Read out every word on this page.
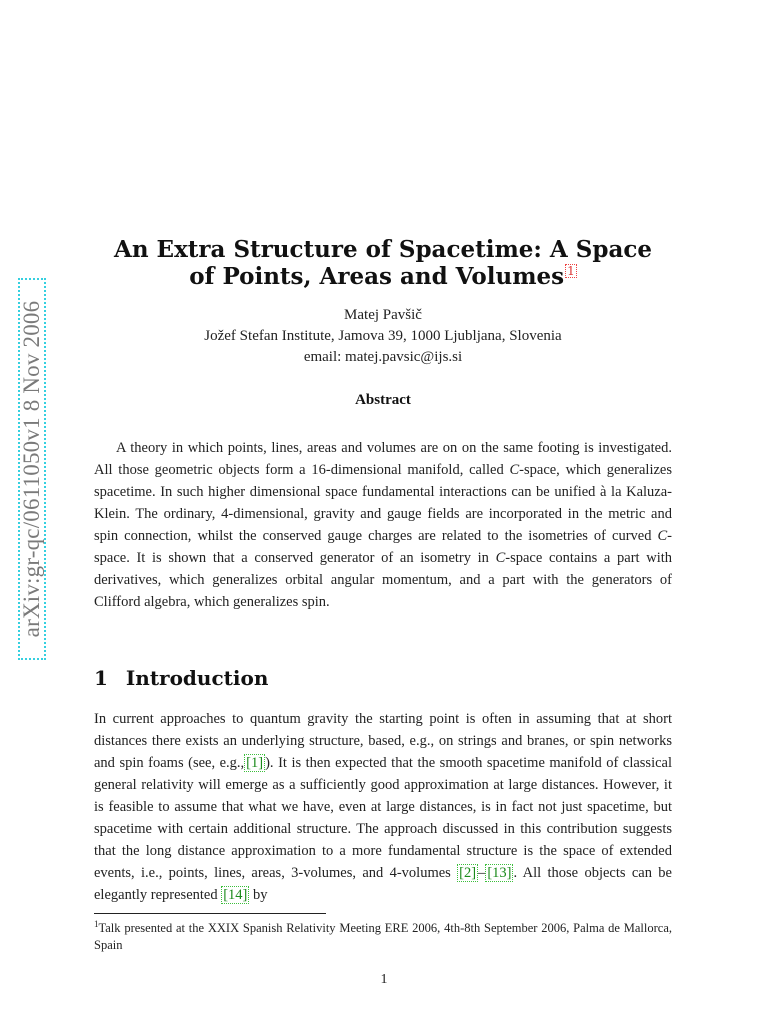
arXiv:gr-qc/0611050v1 8 Nov 2006
An Extra Structure of Spacetime: A Space
of Points, Areas and Volumes 1
Matej Pavšič
Jožef Stefan Institute, Jamova 39, 1000 Ljubljana, Slovenia
email: matej.pavsic@ijs.si
Abstract
A theory in which points, lines, areas and volumes are on on the same footing is investigated. All those geometric objects form a 16-dimensional manifold, called C-space, which generalizes spacetime. In such higher dimensional space fundamental interactions can be unified à la Kaluza-Klein. The ordinary, 4-dimensional, gravity and gauge fields are incorporated in the metric and spin connection, whilst the conserved gauge charges are related to the isometries of curved C-space. It is shown that a conserved generator of an isometry in C-space contains a part with derivatives, which generalizes orbital angular momentum, and a part with the generators of Clifford algebra, which generalizes spin.
1 Introduction
In current approaches to quantum gravity the starting point is often in assuming that at short distances there exists an underlying structure, based, e.g., on strings and branes, or spin networks and spin foams (see, e.g., [1] ). It is then expected that the smooth spacetime manifold of classical general relativity will emerge as a sufficiently good approximation at large distances. However, it is feasible to assume that what we have, even at large distances, is in fact not just spacetime, but spacetime with certain additional structure. The approach discussed in this contribution suggests that the long distance approximation to a more fundamental structure is the space of extended events, i.e., points, lines, areas, 3-volumes, and 4-volumes [2] – [13] . All those objects can be elegantly represented [14] by
$^1$Talk presented at the XXIX Spanish Relativity Meeting ERE 2006, 4th-8th September 2006, Palma de Mallorca, Spain
1
